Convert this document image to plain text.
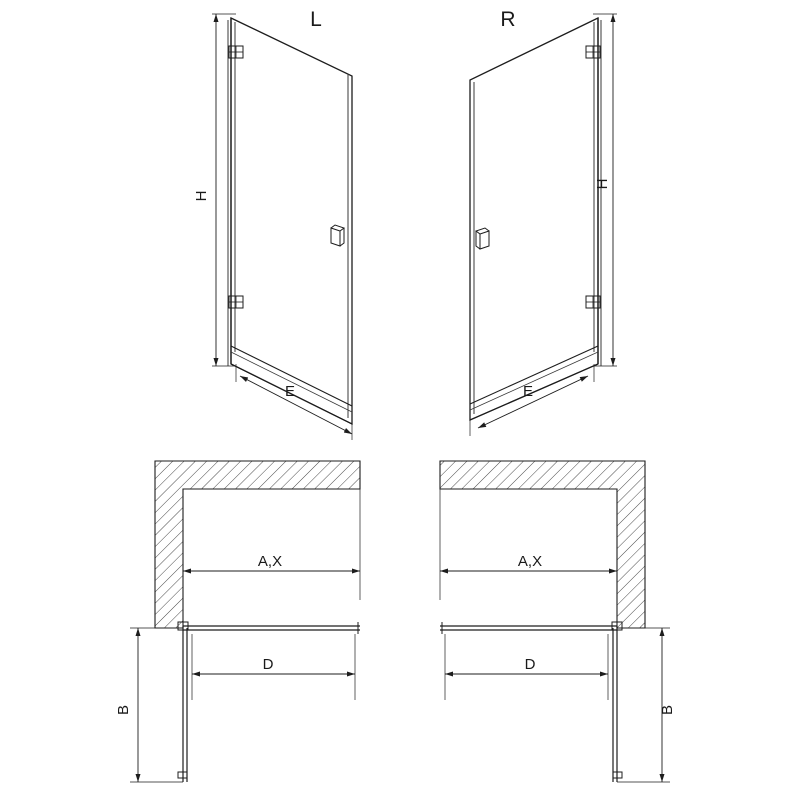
H
E
L
H
E
R
A,X
D
B
A,X
D
B
